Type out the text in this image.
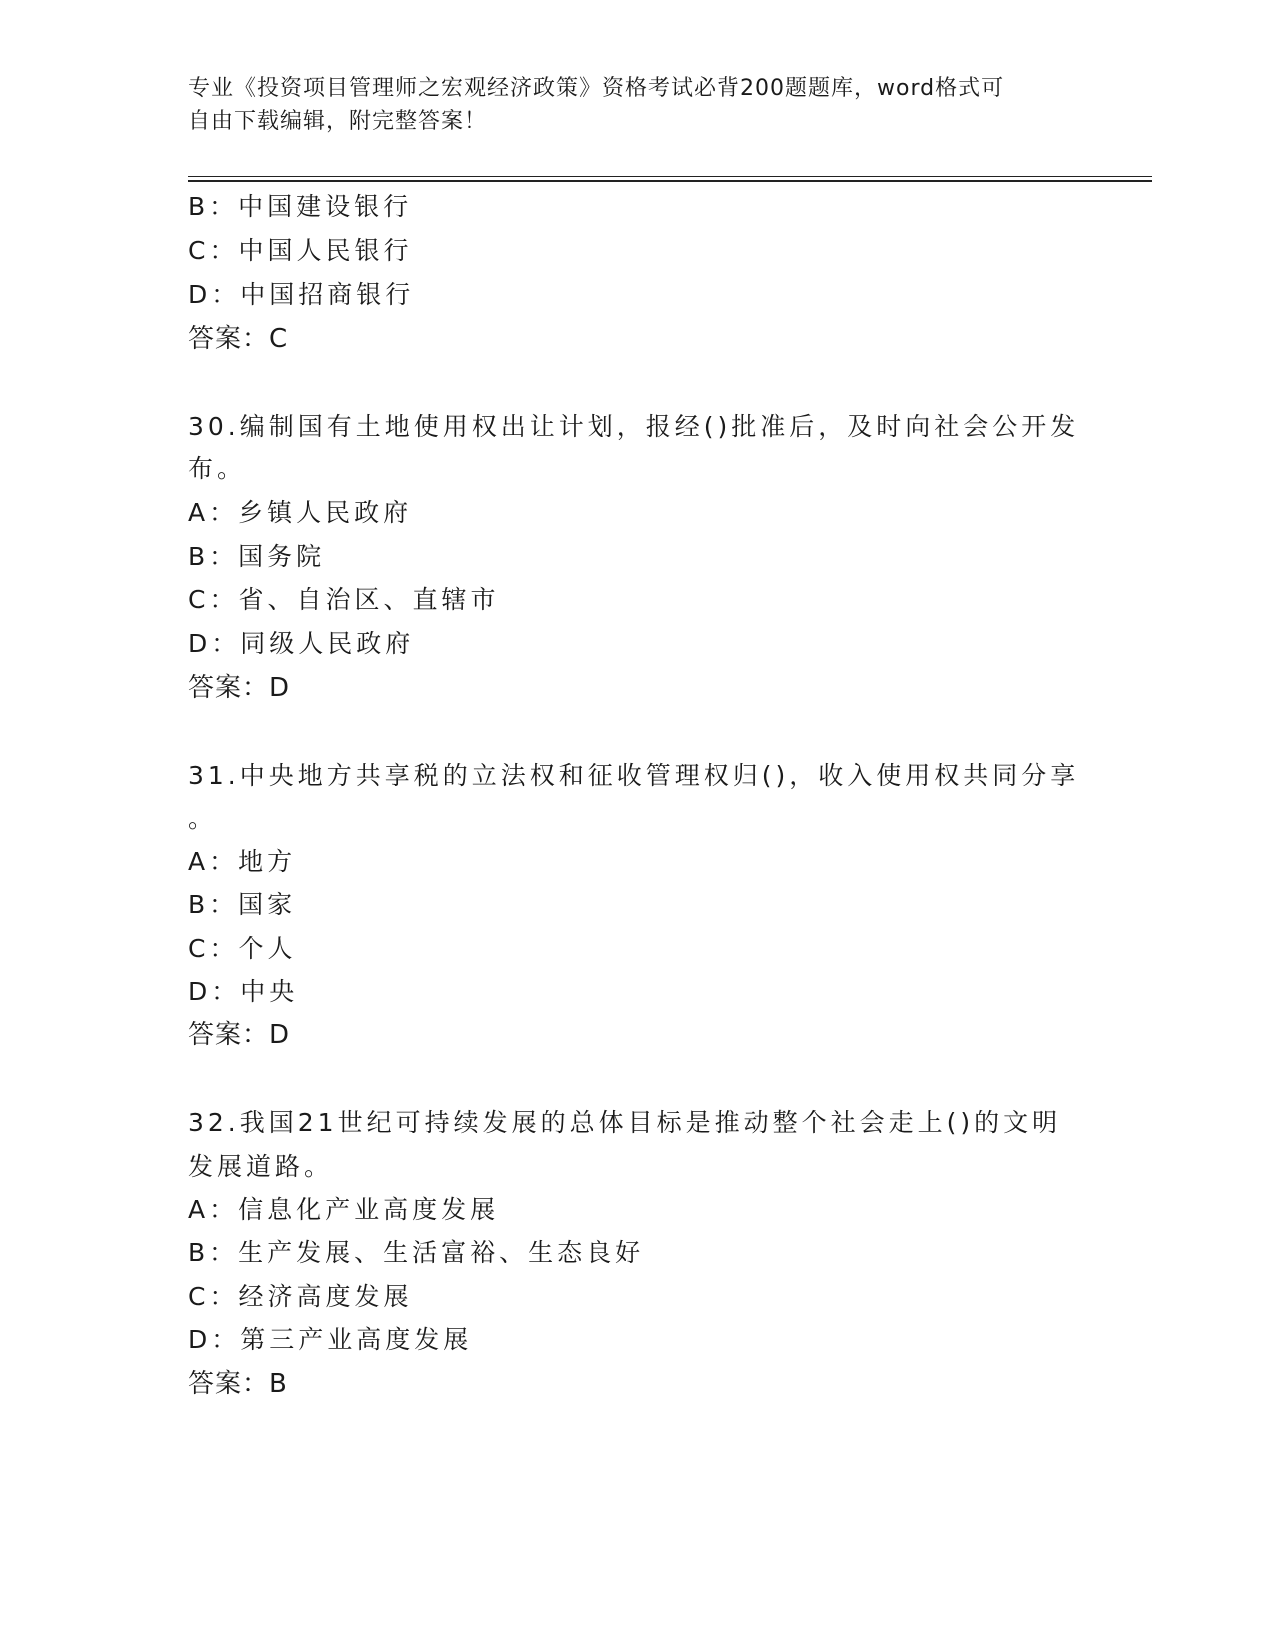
专业《投资项目管理师之宏观经济政策》资格考试必背200题题库，word格式可
自由下载编辑，附完整答案！
B：中国建设银行
C：中国人民银行
D：中国招商银行
答案：C
30.编制国有土地使用权出让计划，报经()批准后，及时向社会公开发
布。
A：乡镇人民政府
B：国务院
C：省、自治区、直辖市
D：同级人民政府
答案：D
31.中央地方共享税的立法权和征收管理权归()，收入使用权共同分享
。
A：地方
B：国家
C：个人
D：中央
答案：D
32.我国21世纪可持续发展的总体目标是推动整个社会走上()的文明
发展道路。
A：信息化产业高度发展
B：生产发展、生活富裕、生态良好
C：经济高度发展
D：第三产业高度发展
答案：B
